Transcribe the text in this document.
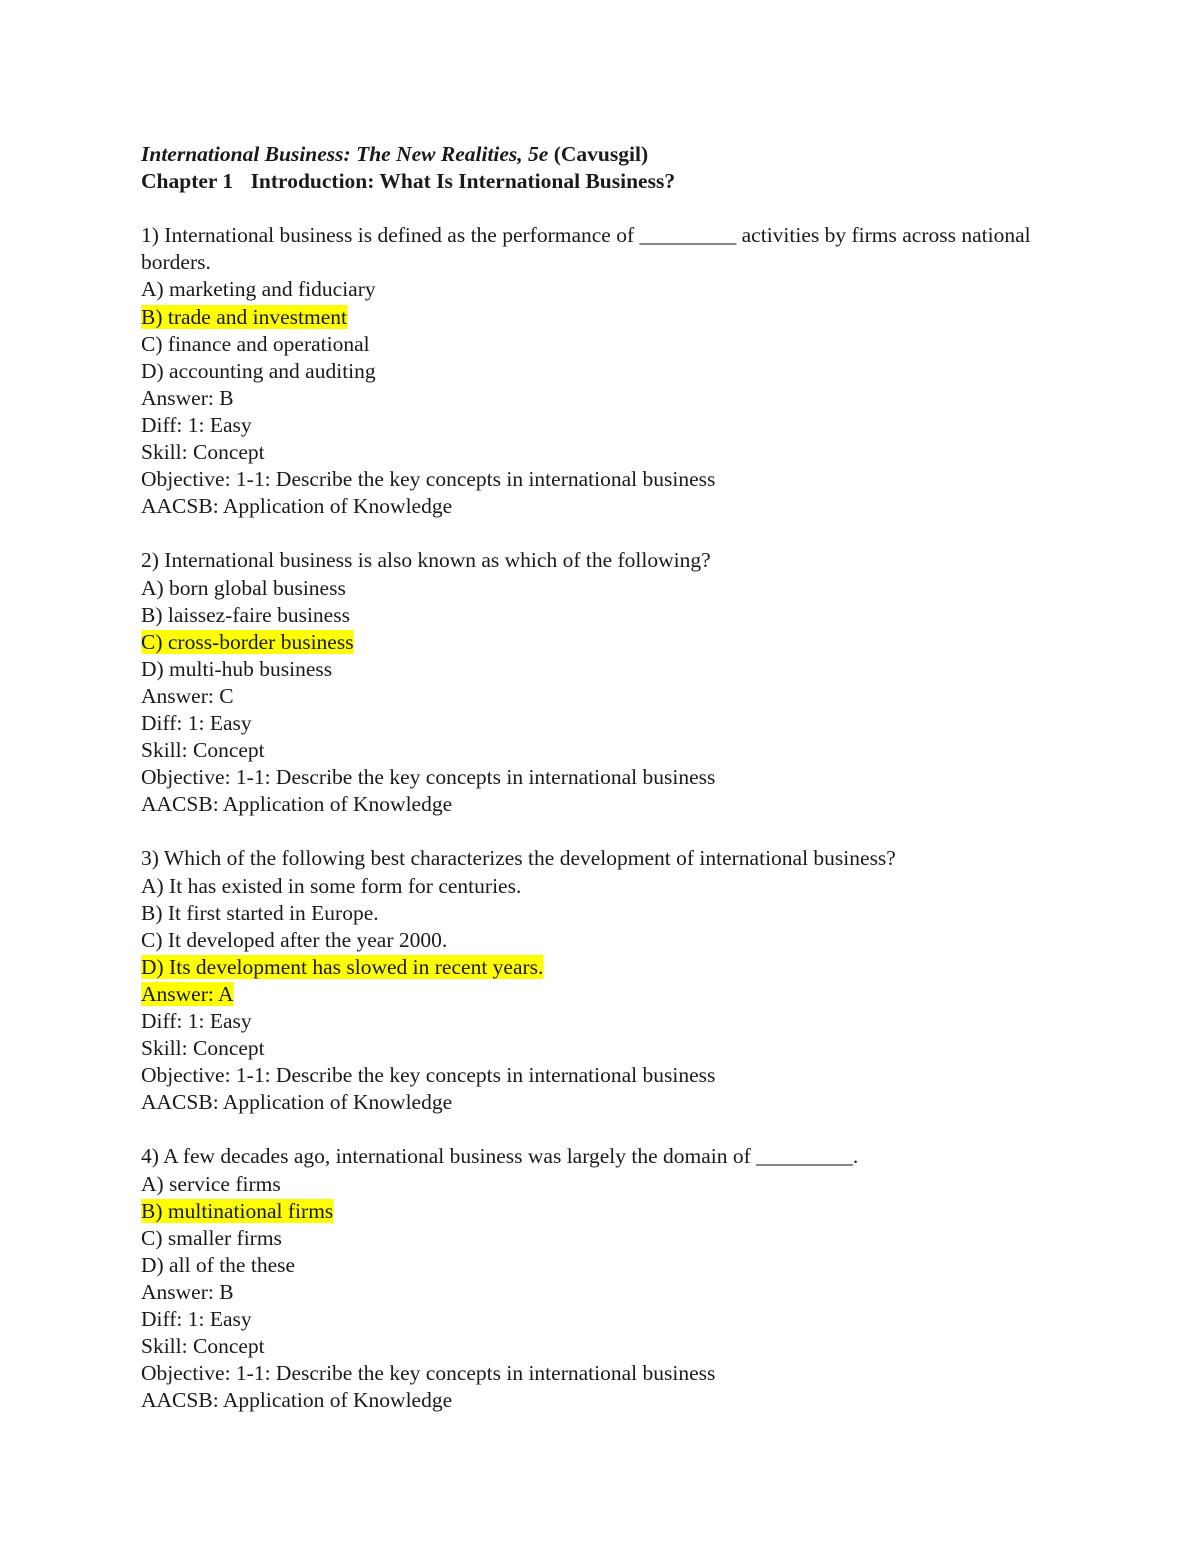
International Business: The New Realities, 5e (Cavusgil)
Chapter 1 Introduction: What Is International Business?
1) International business is defined as the performance of _________ activities by firms across national borders.
A) marketing and fiduciary
B) trade and investment
C) finance and operational
D) accounting and auditing
Answer: B
Diff: 1: Easy
Skill: Concept
Objective: 1-1: Describe the key concepts in international business
AACSB: Application of Knowledge
2) International business is also known as which of the following?
A) born global business
B) laissez-faire business
C) cross-border business
D) multi-hub business
Answer: C
Diff: 1: Easy
Skill: Concept
Objective: 1-1: Describe the key concepts in international business
AACSB: Application of Knowledge
3) Which of the following best characterizes the development of international business?
A) It has existed in some form for centuries.
B) It first started in Europe.
C) It developed after the year 2000.
D) Its development has slowed in recent years.
Answer: A
Diff: 1: Easy
Skill: Concept
Objective: 1-1: Describe the key concepts in international business
AACSB: Application of Knowledge
4) A few decades ago, international business was largely the domain of _________.
A) service firms
B) multinational firms
C) smaller firms
D) all of the these
Answer: B
Diff: 1: Easy
Skill: Concept
Objective: 1-1: Describe the key concepts in international business
AACSB: Application of Knowledge
